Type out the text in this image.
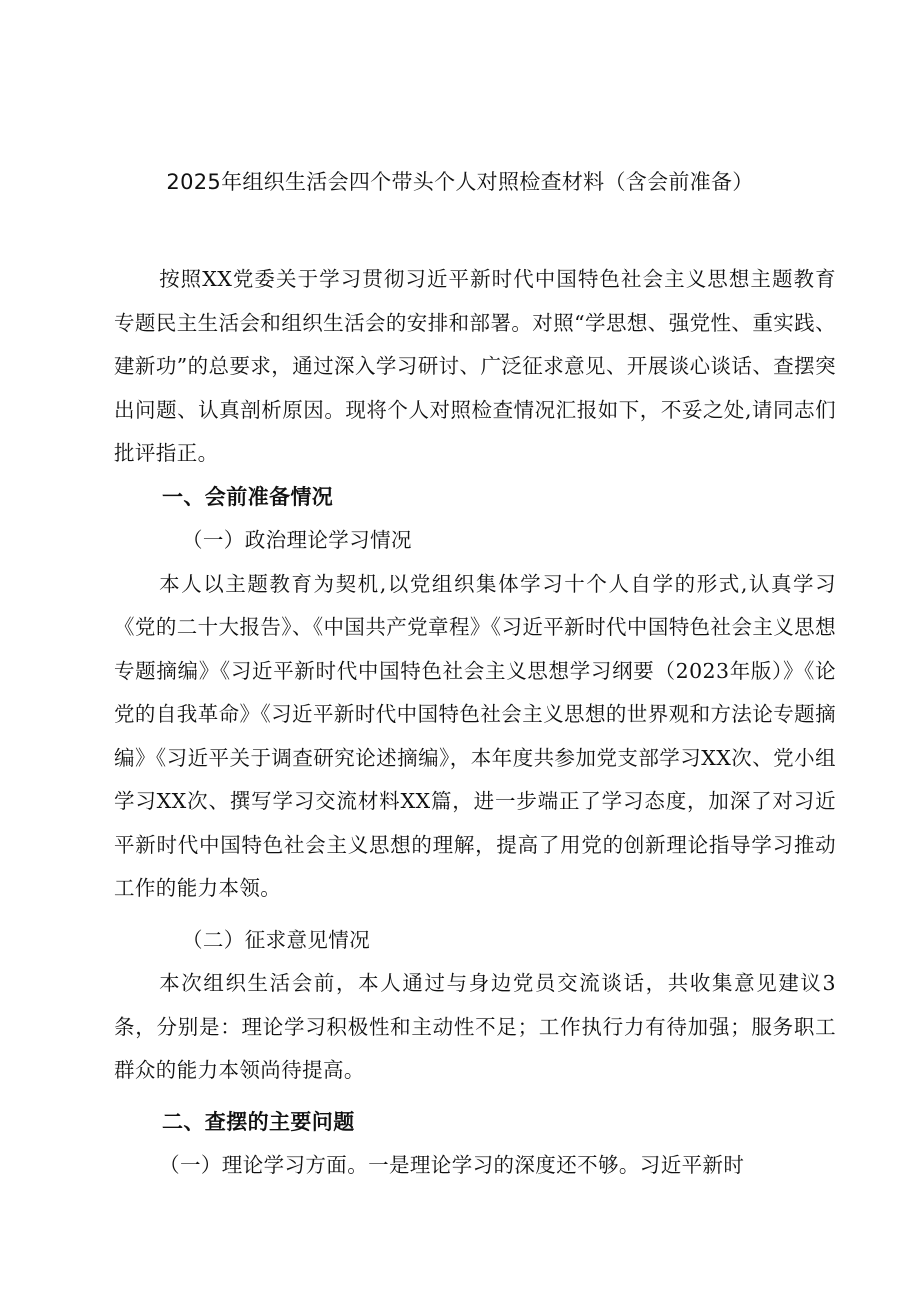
2025年组织生活会四个带头个人对照检查材料（含会前准备）

按照XX党委关于学习贯彻习近平新时代中国特色社会主义思想主题教育专题民主生活会和组织生活会的安排和部署。对照“学思想、强党性、重实践、建新功”的总要求，通过深入学习研讨、广泛征求意见、开展谈心谈话、查摆突出问题、认真剖析原因。现将个人对照检查情况汇报如下，不妥之处,请同志们批评指正。

一、会前准备情况
（一）政治理论学习情况

本人以主题教育为契机,以党组织集体学习十个人自学的形式,认真学习《党的二十大报告》、《中国共产党章程》《习近平新时代中国特色社会主义思想专题摘编》《习近平新时代中国特色社会主义思想学习纲要（2023年版）》《论党的自我革命》《习近平新时代中国特色社会主义思想的世界观和方法论专题摘编》《习近平关于调查研究论述摘编》，本年度共参加党支部学习XX次、党小组学习XX次、撰写学习交流材料XX篇，进一步端正了学习态度，加深了对习近平新时代中国特色社会主义思想的理解，提高了用党的创新理论指导学习推动工作的能力本领。

（二）征求意见情况

本次组织生活会前，本人通过与身边党员交流谈话，共收集意见建议3条，分别是：理论学习积极性和主动性不足；工作执行力有待加强；服务职工群众的能力本领尚待提高。

二、查摆的主要问题

（一）理论学习方面。一是理论学习的深度还不够。习近平新时
